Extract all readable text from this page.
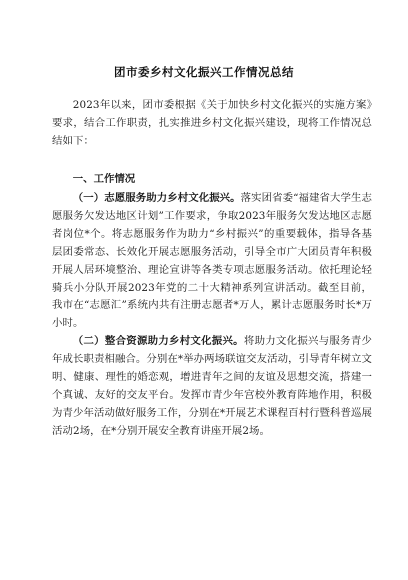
团市委乡村文化振兴工作情况总结

2023年以来，团市委根据《关于加快乡村文化振兴的实施方案》要求，结合工作职责，扎实推进乡村文化振兴建设，现将工作情况总结如下：

一、工作情况

（一）志愿服务助力乡村文化振兴。落实团省委“福建省大学生志愿服务欠发达地区计划”工作要求，争取2023年服务欠发达地区志愿者岗位*个。将志愿服务作为助力“乡村振兴”的重要载体，指导各基层团委常态、长效化开展志愿服务活动，引导全市广大团员青年积极开展人居环境整治、理论宣讲等各类专项志愿服务活动。依托理论轻骑兵小分队开展2023年党的二十大精神系列宣讲活动。截至目前，我市在“志愿汇”系统内共有注册志愿者*万人，累计志愿服务时长*万小时。

（二）整合资源助力乡村文化振兴。将助力文化振兴与服务青少年成长职责相融合。分别在*举办两场联谊交友活动，引导青年树立文明、健康、理性的婚恋观，增进青年之间的友谊及思想交流，搭建一个真诚、友好的交友平台。发挥市青少年宫校外教育阵地作用，积极为青少年活动做好服务工作，分别在*开展艺术课程百村行暨科普巡展活动2场，在*分别开展安全教育讲座开展2场。
